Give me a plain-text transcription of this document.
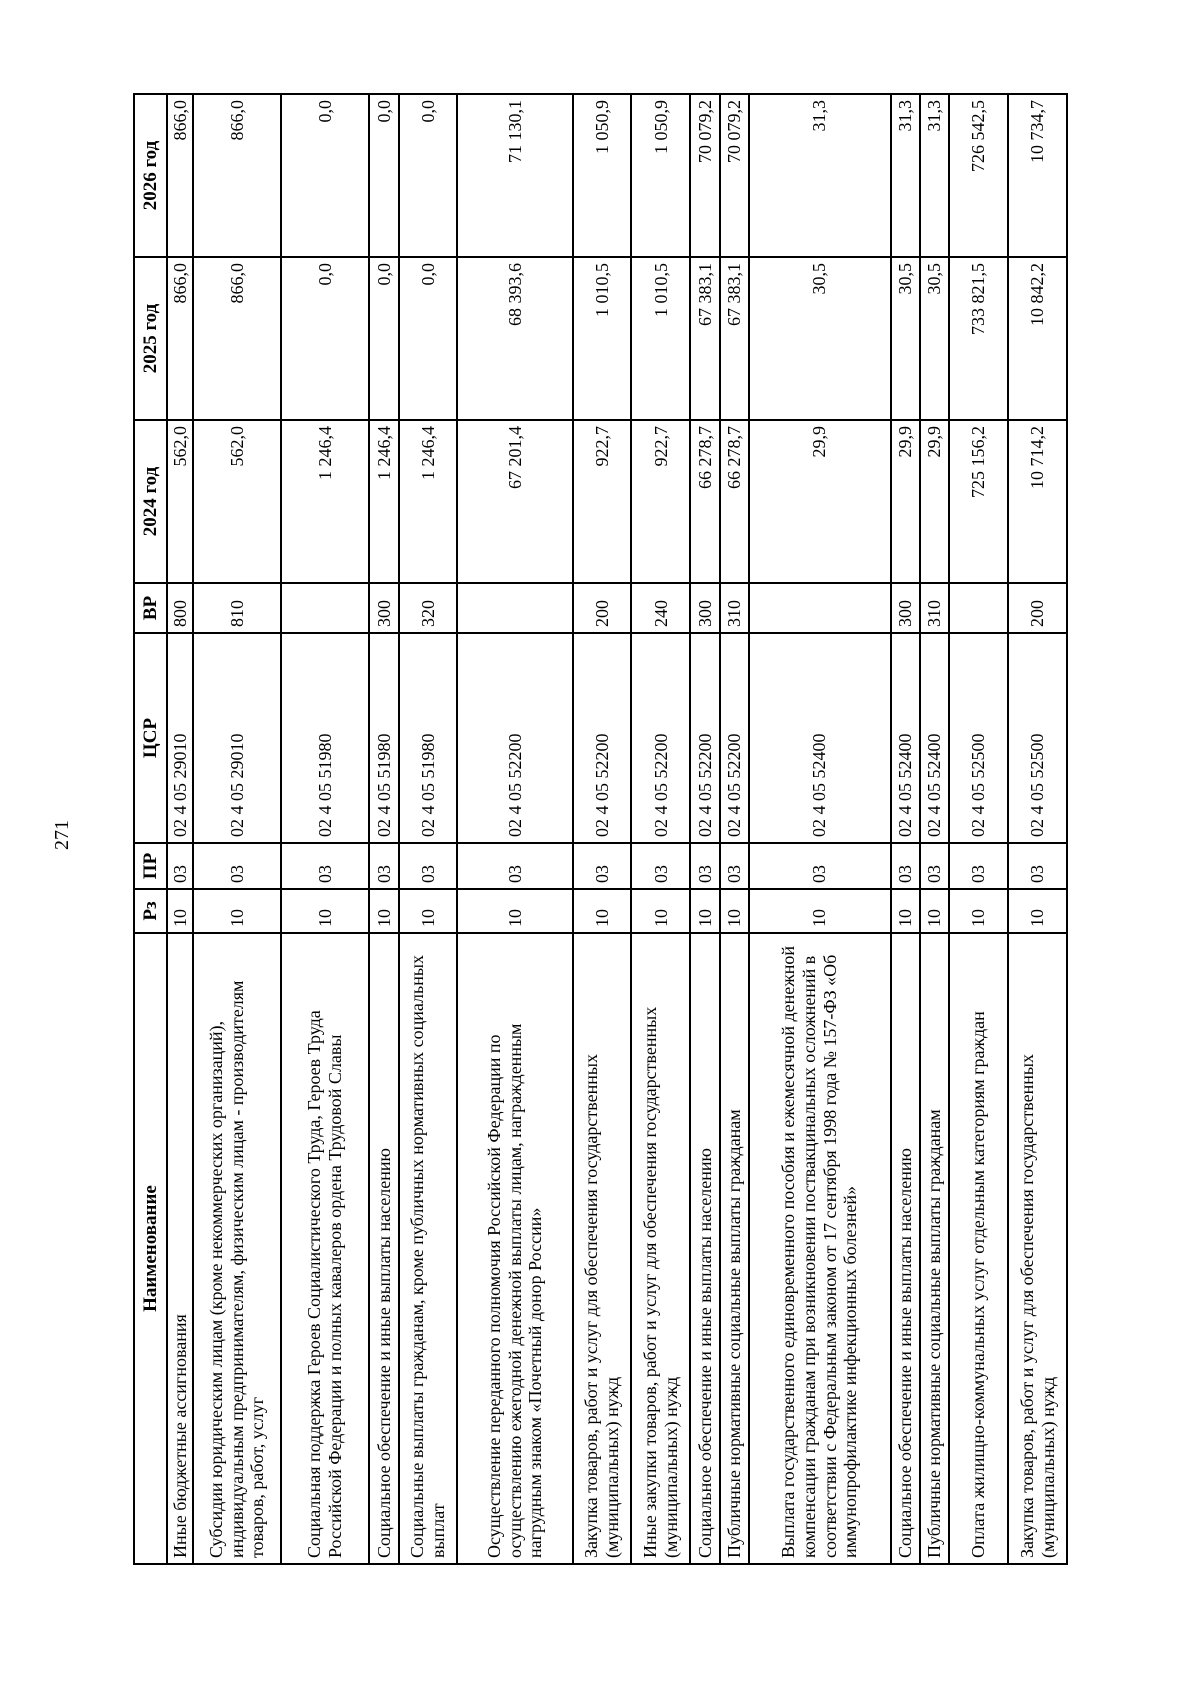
271
Наименование	Рз	ПР	ЦСР	ВР	2024 год	2025 год	2026 год
Иные бюджетные ассигнования	10	03	02 4 05 29010	800	562,0	866,0	866,0
Субсидии юридическим лицам (кроме некоммерческих организаций), индивидуальным предпринимателям, физическим лицам - производителям товаров, работ, услуг	10	03	02 4 05 29010	810	562,0	866,0	866,0
Социальная поддержка Героев Социалистического Труда, Героев Труда Российской Федерации и полных кавалеров ордена Трудовой Славы	10	03	02 4 05 51980		1 246,4	0,0	0,0
Социальное обеспечение и иные выплаты населению	10	03	02 4 05 51980	300	1 246,4	0,0	0,0
Социальные выплаты гражданам, кроме публичных нормативных социальных выплат	10	03	02 4 05 51980	320	1 246,4	0,0	0,0
Осуществление переданного полномочия Российской Федерации по осуществлению ежегодной денежной выплаты лицам, награжденным нагрудным знаком «Почетный донор России»	10	03	02 4 05 52200		67 201,4	68 393,6	71 130,1
Закупка товаров, работ и услуг для обеспечения государственных (муниципальных) нужд	10	03	02 4 05 52200	200	922,7	1 010,5	1 050,9
Иные закупки товаров, работ и услуг для обеспечения государственных (муниципальных) нужд	10	03	02 4 05 52200	240	922,7	1 010,5	1 050,9
Социальное обеспечение и иные выплаты населению	10	03	02 4 05 52200	300	66 278,7	67 383,1	70 079,2
Публичные нормативные социальные выплаты гражданам	10	03	02 4 05 52200	310	66 278,7	67 383,1	70 079,2
Выплата государственного единовременного пособия и ежемесячной денежной компенсации гражданам при возникновении поствакцинальных осложнений в соответствии с Федеральным законом от 17 сентября 1998 года № 157-ФЗ «Об иммунопрофилактике инфекционных болезней»	10	03	02 4 05 52400		29,9	30,5	31,3
Социальное обеспечение и иные выплаты населению	10	03	02 4 05 52400	300	29,9	30,5	31,3
Публичные нормативные социальные выплаты гражданам	10	03	02 4 05 52400	310	29,9	30,5	31,3
Оплата жилищно-коммунальных услуг отдельным категориям граждан	10	03	02 4 05 52500		725 156,2	733 821,5	726 542,5
Закупка товаров, работ и услуг для обеспечения государственных (муниципальных) нужд	10	03	02 4 05 52500	200	10 714,2	10 842,2	10 734,7
